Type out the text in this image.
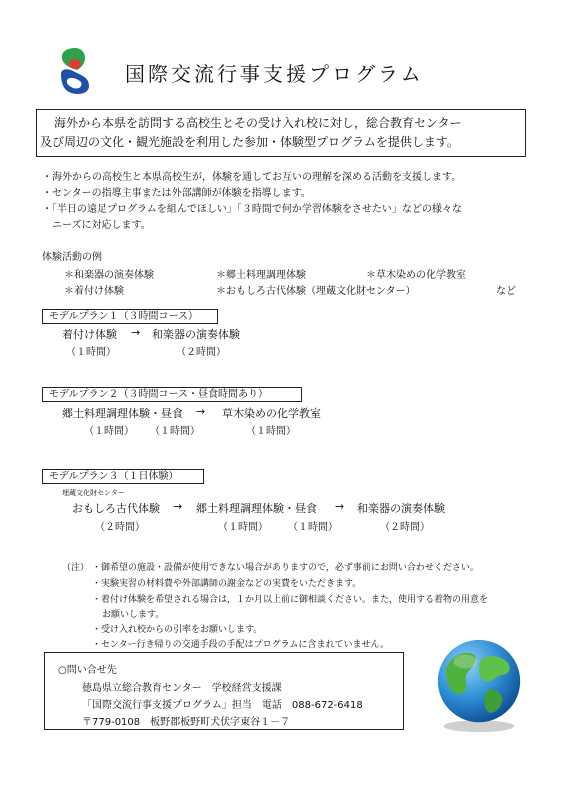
国際交流行事支援プログラム
海外から本県を訪問する高校生とその受け入れ校に対し，総合教育センター
及び周辺の文化・観光施設を利用した参加・体験型プログラムを提供します。
・海外からの高校生と本県高校生が，体験を通してお互いの理解を深める活動を支援します。
・センターの指導主事または外部講師が体験を指導します。
・「半日の遠足プログラムを組んでほしい」「３時間で何か学習体験をさせたい」などの様々な
ニーズに対応します。
体験活動の例
＊和楽器の演奏体験	＊郷土料理調理体験	＊草木染めの化学教室
＊着付け体験	＊おもしろ古代体験（埋蔵文化財センター）	など
モデルプラン１（３時間コース）
着付け体験 → 和楽器の演奏体験
（１時間）	（２時間）
モデルプラン２（３時間コース・昼食時間あり）
郷土料理調理体験・昼食 → 草木染めの化学教室
（１時間） （１時間）	（１時間）
モデルプラン３（１日体験）
埋蔵文化財センター
おもしろ古代体験 → 郷土料理調理体験・昼食 → 和楽器の演奏体験
（２時間）	（１時間） （１時間）	（２時間）
（注） ・御希望の施設・設備が使用できない場合がありますので，必ず事前にお問い合わせください。
・実験実習の材料費や外部講師の謝金などの実費をいただきます。
・着付け体験を希望される場合は，１か月以上前に御相談ください。また，使用する着物の用意を
お願いします。
・受け入れ校からの引率をお願いします。
・センター行き帰りの交通手段の手配はプログラムに含まれていません。
○問い合せ先
徳島県立総合教育センター　学校経営支援課
「国際交流行事支援プログラム」担当　電話　088-672-6418
〒779-0108　板野郡板野町犬伏字東谷１－７
